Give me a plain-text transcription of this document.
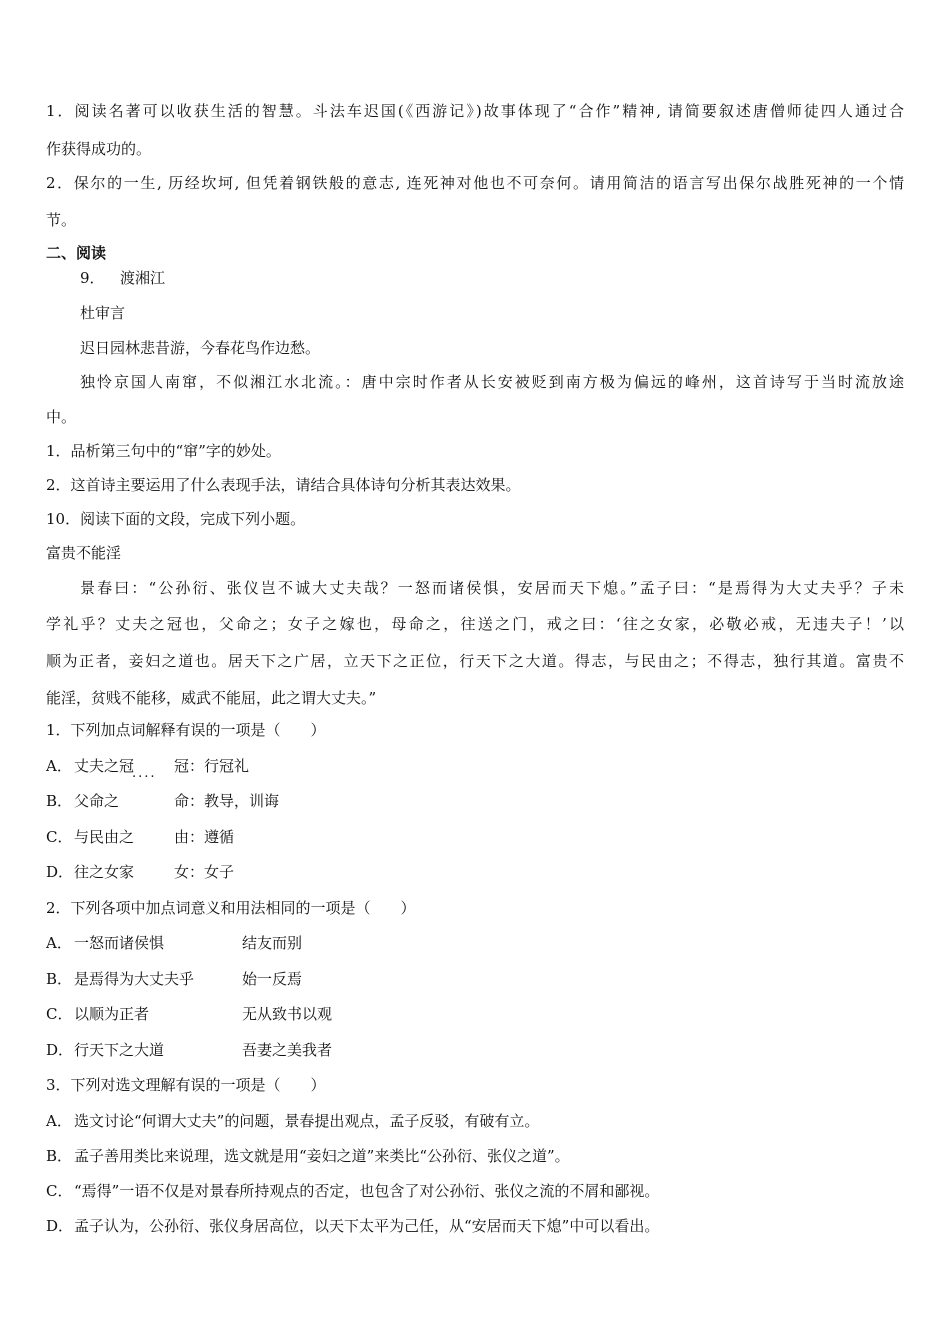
1．阅读名著可以收获生活的智慧。斗法车迟国(《西游记》)故事体现了“合作”精神, 请简要叙述唐僧师徒四人通过合
作获得成功的。
2．保尔的一生, 历经坎坷, 但凭着钢铁般的意志, 连死神对他也不可奈何。请用简洁的语言写出保尔战胜死神的一个情
节。
二、阅读
9． 渡湘江
杜审言
迟日园林悲昔游，今春花鸟作边愁。
独怜京国人南窜，不似湘江水北流。：唐中宗时作者从长安被贬到南方极为偏远的峰州，这首诗写于当时流放途
中。
1．品析第三句中的“窜”字的妙处。
2．这首诗主要运用了什么表现手法，请结合具体诗句分析其表达效果。
10．阅读下面的文段，完成下列小题。
富贵不能淫
景春曰：“公孙衍、张仪岂不诚大丈夫哉？一怒而诸侯惧，安居而天下熄。”孟子曰：“是焉得为大丈夫乎？子未
学礼乎？丈夫之冠也，父命之；女子之嫁也，母命之，往送之门，戒之曰：‘往之女家，必敬必戒，无违夫子！’以
顺为正者，妾妇之道也。居天下之广居，立天下之正位，行天下之大道。得志，与民由之；不得志，独行其道。富贵不
能淫，贫贱不能移，威武不能屈，此之谓大丈夫。”
1．下列加点词解释有误的一项是（　　）
A． 丈夫之冠.... 冠：行冠礼
B． 父命之	命：教导，训诲
C． 与民由之	由：遵循
D．往之女家	女：女子
2．下列各项中加点词意义和用法相同的一项是（　　）
A． 一怒而诸侯惧	结友而别
B． 是焉得为大丈夫乎	始一反焉
C． 以顺为正者	无从致书以观
D．行天下之大道	吾妻之美我者
3．下列对选文理解有误的一项是（　　）
A． 选文讨论“何谓大丈夫”的问题，景春提出观点，孟子反驳，有破有立。
B． 孟子善用类比来说理，选文就是用“妾妇之道”来类比“公孙衍、张仪之道”。
C． “焉得”一语不仅是对景春所持观点的否定，也包含了对公孙衍、张仪之流的不屑和鄙视。
D．孟子认为，公孙衍、张仪身居高位，以天下太平为己任，从“安居而天下熄”中可以看出。
